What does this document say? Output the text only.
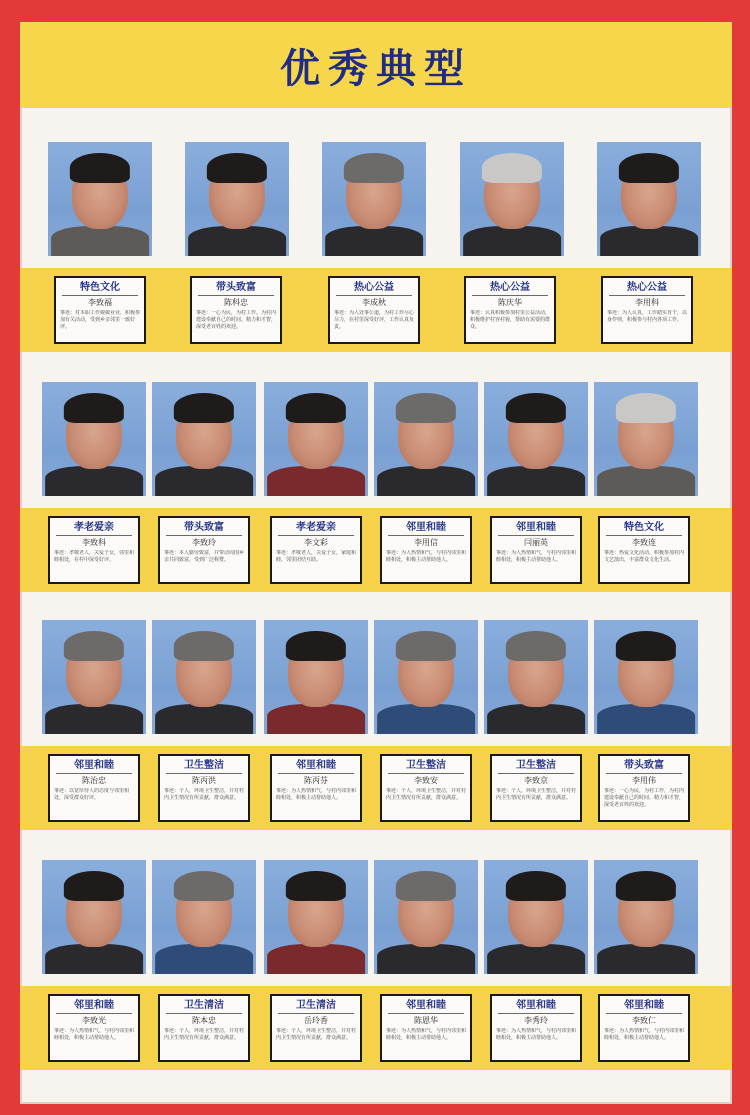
优秀典型
特色文化
李致福
事迹：对本职工作兢兢业业，积极参加有关活动，受到乡亲邻里一致好评。
带头致富
陈科忠
事迹：一心为民，为村工作。为村内建设奉献自己的时间、精力和才智，深受老百姓的欢迎。
热心公益
李成秋
事迹：为人处事公道，为村工作尽心尽力，在村里深受好评，工作认真负责。
热心公益
陈庆华
事迹：认真积极参加村里公益活动，积极维护村容村貌，帮助有需要的群众。
热心公益
李用科
事迹：为人认真，工作踏实肯干，以身作则，积极参与村内各项工作。
孝老爱亲
李致科
事迹：孝敬老人，关爱子女，邻里和睦相处，在村中深受好评。
带头致富
李致玲
事迹：本人勤劳致富，并带动周围乡亲共同致富，受到广泛称赞。
孝老爱亲
李文彩
事迹：孝敬老人，关爱子女，家庭和睦，邻里团结互助。
邻里和睦
李用信
事迹：为人热情和气，与村内邻里和睦相处，积极主动帮助他人。
邻里和睦
闫丽英
事迹：为人热情和气，与村内邻里和睦相处，积极主动帮助他人。
特色文化
李致连
事迹：热爱文化活动，积极参加村内文艺演出，丰富群众文化生活。
邻里和睦
陈治忠
事迹：以宽厚待人的态度与邻里相处，深受群众好评。
卫生整洁
陈丙洪
事迹：个人，环境卫生整洁，并对村内卫生情况有所贡献，群众满意。
邻里和睦
陈丙芬
事迹：为人热情和气，与村内邻里和睦相处，积极主动帮助他人。
卫生整洁
李致安
事迹：个人，环境卫生整洁，并对村内卫生情况有所贡献，群众满意。
卫生整洁
李致京
事迹：个人，环境卫生整洁，并对村内卫生情况有所贡献，群众满意。
带头致富
李用伟
事迹：一心为民，为村工作，为村内建设奉献自己的时间、精力和才智，深受老百姓的欢迎。
邻里和睦
李致光
事迹：为人热情和气，与村内邻里和睦相处，积极主动帮助他人。
卫生清洁
陈本忠
事迹：个人，环境卫生整洁，并对村内卫生情况有所贡献，群众满意。
卫生清洁
岳玲香
事迹：个人，环境卫生整洁，并对村内卫生情况有所贡献，群众满意。
邻里和睦
陈恩华
事迹：为人热情和气，与村内邻里和睦相处，积极主动帮助他人。
邻里和睦
李秀玲
事迹：为人热情和气，与村内邻里和睦相处，积极主动帮助他人。
邻里和睦
李致仁
事迹：为人热情和气，与村内邻里和睦相处，积极主动帮助他人。
